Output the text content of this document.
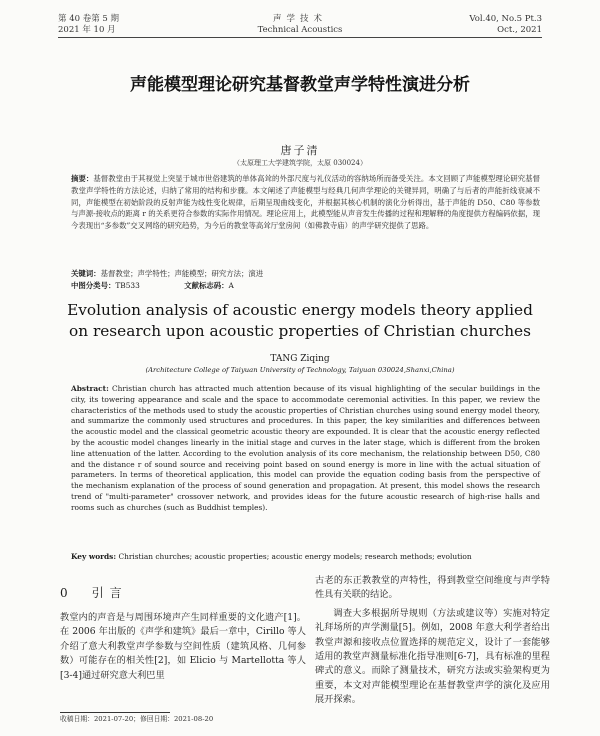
第 40 卷第 5 期
2021 年 10 月
声学技术
Technical Acoustics
Vol.40, No.5 Pt.3
Oct., 2021
声能模型理论研究基督教堂声学特性演进分析
唐子清
（太原理工大学建筑学院，太原 030024）
摘要：基督教堂由于其视觉上突显于城市世俗建筑的单体高耸的外部尺度与礼仪活动的容纳场所而备受关注。本文回顾了声能模型理论研究基督教堂声学特性的方法论述，归纳了常用的结构和步骤。本文阐述了声能模型与经典几何声学理论的关键异同，明确了与后者的声能折线衰减不同，声能模型在初始阶段的反射声能为线性变化规律，后期呈现曲线变化，并根据其核心机制的演化分析得出，基于声能的 D50、C80 等参数与声源-接收点的距离 r 的关系更符合参数的实际作用情况。理论应用上，此模型能从声音发生传播的过程和理解释的角度提供方程编码依据，现今表现出“多参数”交叉网络的研究趋势，为今后的教堂等高耸厅堂房间（如佛教寺庙）的声学研究提供了思路。
关键词：基督教堂；声学特性；声能模型；研究方法；演进
中图分类号：TB533	文献标志码：A
Evolution analysis of acoustic energy models theory applied on research upon acoustic properties of Christian churches
TANG Ziqing
(Architecture College of Taiyuan University of Technology, Taiyuan 030024,Shanxi,China)
Abstract: Christian church has attracted much attention because of its visual highlighting of the secular buildings in the city, its towering appearance and scale and the space to accommodate ceremonial activities. In this paper, we review the characteristics of the methods used to study the acoustic properties of Christian churches using sound energy model theory, and summarize the commonly used structures and procedures. In this paper, the key similarities and differences between the acoustic model and the classical geometric acoustic theory are expounded. It is clear that the acoustic energy reflected by the acoustic model changes linearly in the initial stage and curves in the later stage, which is different from the broken line attenuation of the latter. According to the evolution analysis of its core mechanism, the relationship between D50, C80 and the distance r of sound source and receiving point based on sound energy is more in line with the actual situation of parameters. In terms of theoretical application, this model can provide the equation coding basis from the perspective of the mechanism explanation of the process of sound generation and propagation. At present, this model shows the research trend of "multi-parameter" crossover network, and provides ideas for the future acoustic research of high-rise halls and rooms such as churches (such as Buddhist temples).
Key words: Christian churches; acoustic properties; acoustic energy models; research methods; evolution
0　引言

教堂内的声音是与周围环境声产生同样重要的文化遗产[1]。在 2006 年出版的《声学和建筑》最后一章中，Cirillo 等人介绍了意大利教堂声学参数与空间性质（建筑风格、几何参数）可能存在的相关性[2]，如 Elicio 与 Martellotta 等人[3-4]通过研究意大利巴里

古老的东正教教堂的声特性，得到教堂空间维度与声学特性具有关联的结论。

调查大多根据所导规则（方法或建议等）实施对特定礼拜场所的声学测量[5]。例如，2008 年意大利学者给出教堂声源和接收点位置选择的规范定义，设计了一套能够适用的教堂声测量标准化指导准则[6-7]，具有标准的里程碑式的意义。而除了测量技术，研究方法或实验架构更为重要，本文对声能模型理论在基督教堂声学的演化及应用展开探索。

收稿日期：2021-07-20；修回日期：2021-08-20
